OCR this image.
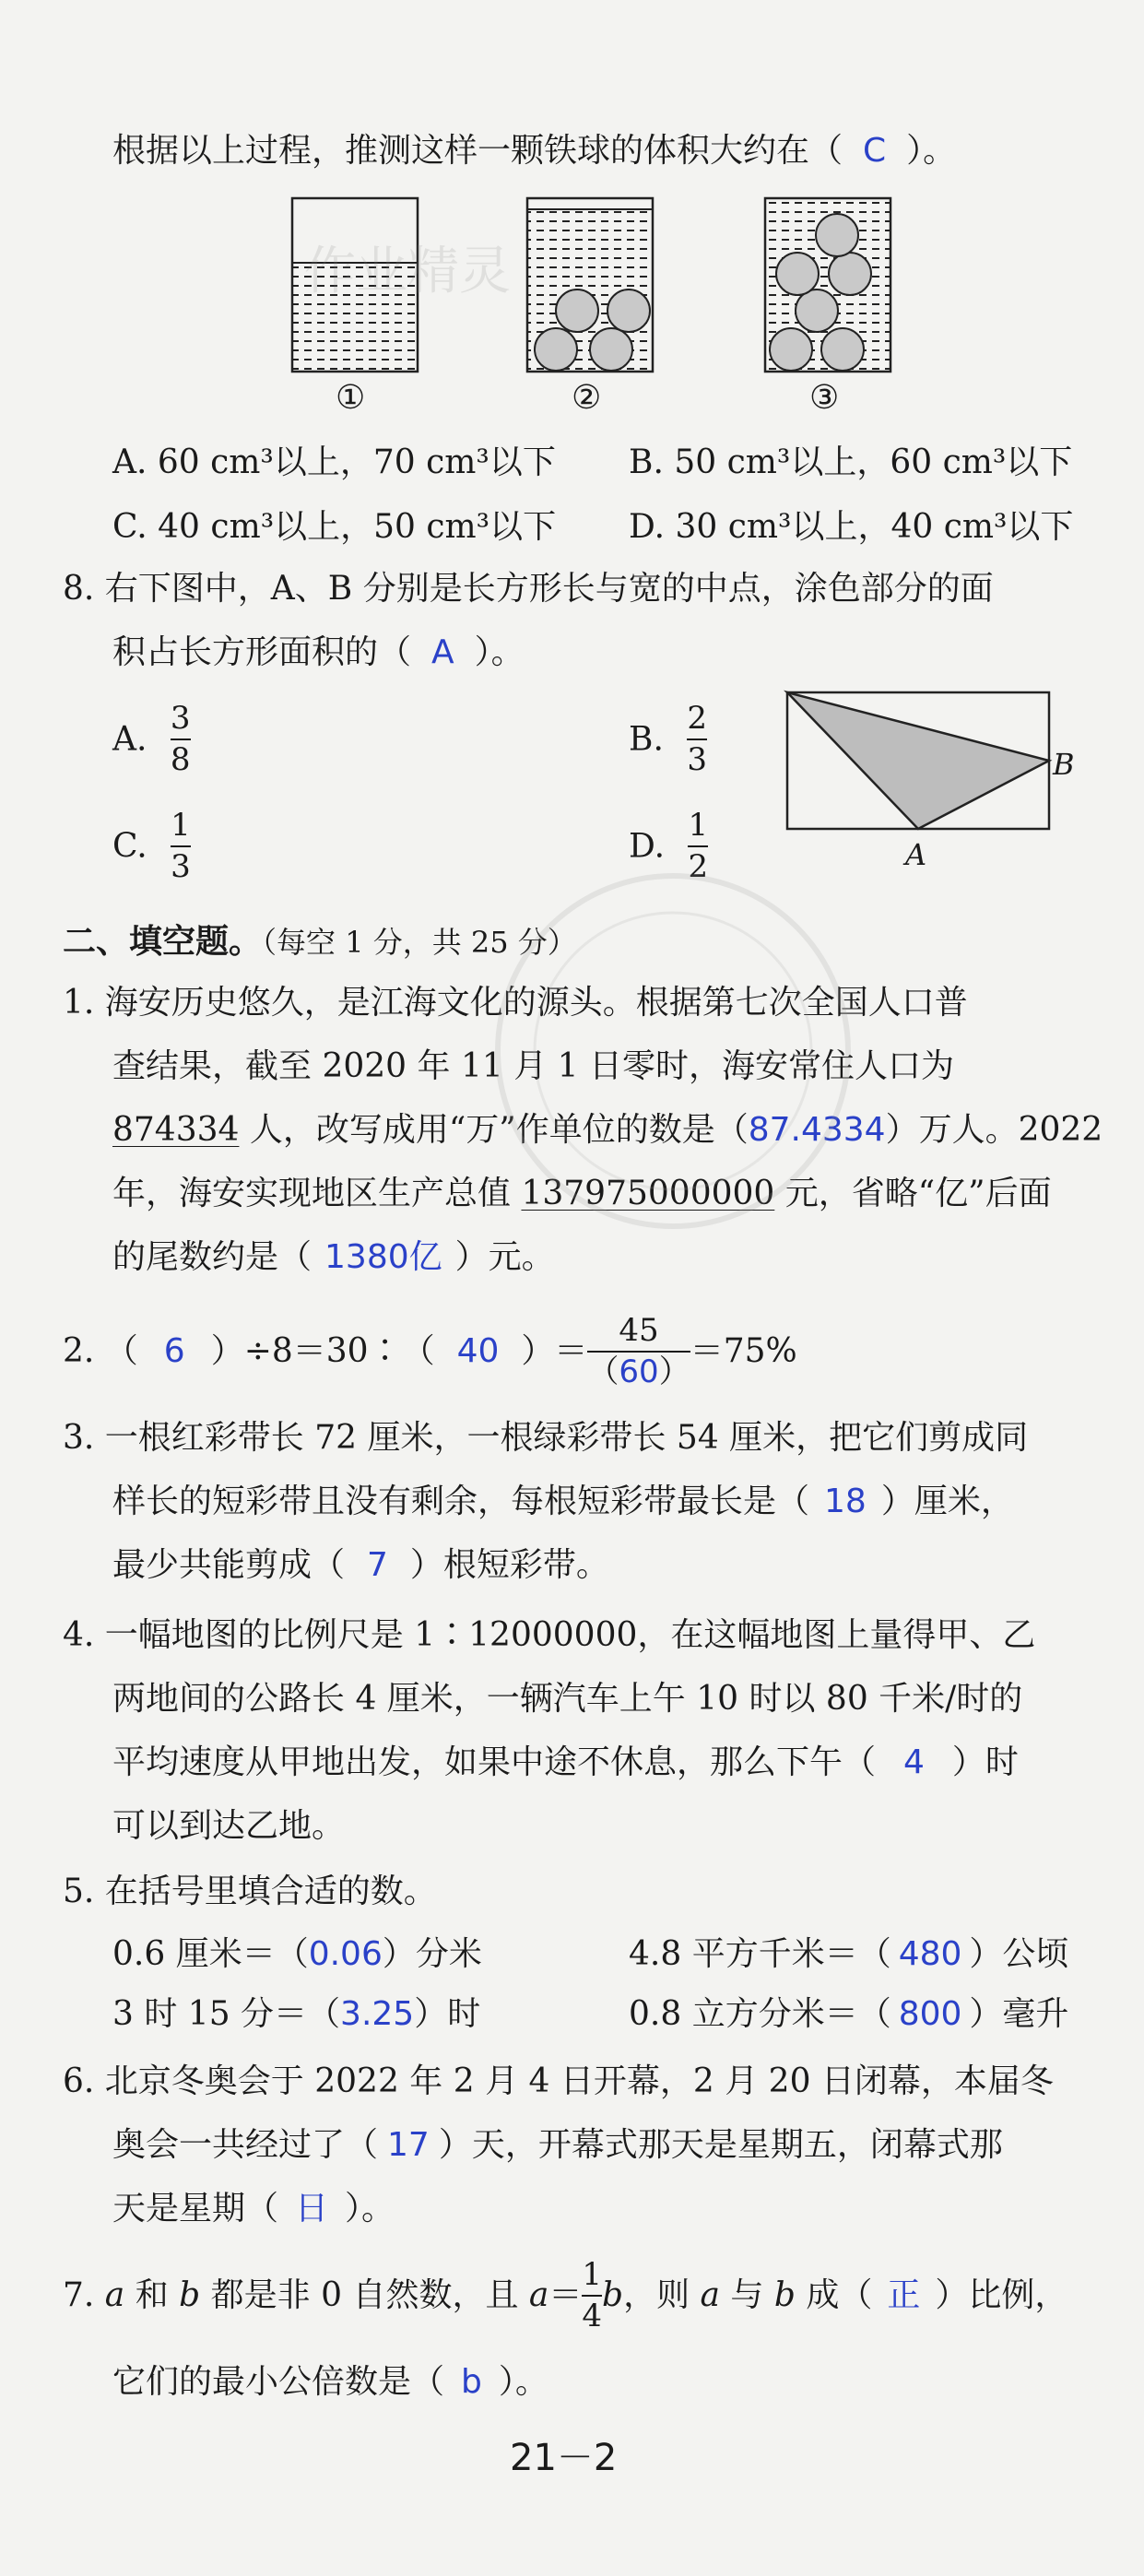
根据以上过程，推测这样一颗铁球的体积大约在（ C ）。
①	②	③
A. 60 cm³以上，70 cm³以下 B. 50 cm³以上，60 cm³以下
C. 40 cm³以上，50 cm³以下 D. 30 cm³以上，40 cm³以下
8. 右下图中，A、B 分别是长方形长与宽的中点，涂色部分的面
积占长方形面积的（ A ）。
A. $\frac{3}{8}$	B. $\frac{2}{3}$
C. $\frac{1}{3}$	D. $\frac{1}{2}$
B
A
二、填空题。（每空 1 分，共 25 分）
1. 海安历史悠久，是江海文化的源头。根据第七次全国人口普
查结果，截至 2020 年 11 月 1 日零时，海安常住人口为
874334 人，改写成用“万”作单位的数是（87.4334）万人。2022
年，海安实现地区生产总值 137975000000 元，省略“亿”后面
的尾数约是（ 1380亿 ）元。
2. （ 6 ）÷8＝30∶（ 40 ）＝ $\frac{45}{(60)} =75\%$
3. 一根红彩带长 72 厘米，一根绿彩带长 54 厘米，把它们剪成同
样长的短彩带且没有剩余，每根短彩带最长是（ 18 ）厘米，
最少共能剪成（ 7 ）根短彩带。
4. 一幅地图的比例尺是 1∶12000000，在这幅地图上量得甲、乙
两地间的公路长 4 厘米，一辆汽车上午 10 时以 80 千米/时的
平均速度从甲地出发，如果中途不休息，那么下午（ 4 ）时
可以到达乙地。
5. 在括号里填合适的数。
0.6 厘米＝（0.06）分米	4.8 平方千米＝（ 480 ）公顷
3 时 15 分＝（3.25）时	0.8 立方分米＝（ 800 ）毫升
6. 北京冬奥会于 2022 年 2 月 4 日开幕，2 月 20 日闭幕，本届冬
奥会一共经过了（ 17 ）天，开幕式那天是星期五，闭幕式那
天是星期（ 日 ）。
7. a 和 b 都是非 0 自然数，且 $a= \frac{1}{4}$ b，则 a 与 b 成（ 正 ）比例，
它们的最小公倍数是（ b ）。
21－2
作业精灵
